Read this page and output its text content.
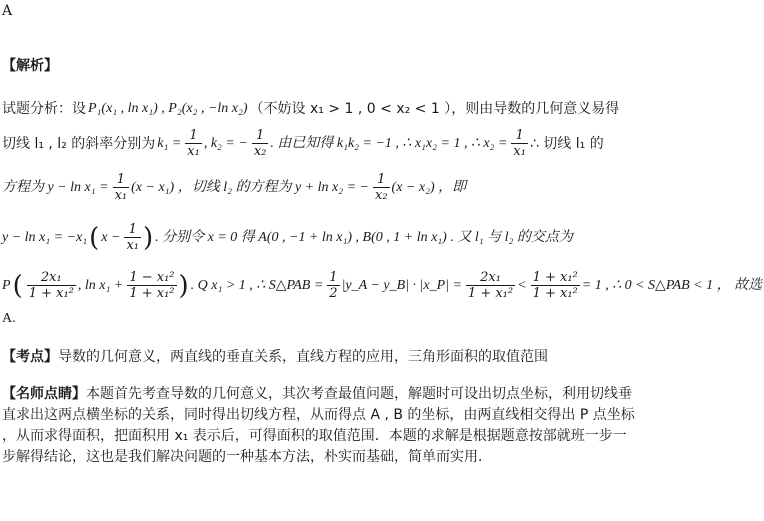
A
【解析】
试题分析：设 P₁(x₁ , ln x₁) , P₂(x₂ , −ln x₂) （不妨设 x₁ > 1 , 0 < x₂ < 1 ），则由导数的几何意义易得
切线 l₁ , l₂ 的斜率分别为 $k_1 = \frac{1}{\text{x₁}}$ , k₂ = − $\frac{1}{\text{x₂}}$ . 由已知得 k₁k₂ = −1 , ∴ x₁x₂ = 1 , ∴ $x_2 = \frac{1}{\text{x₁}}$ ∴ 切线 l₁ 的
方程为 $y - \ln x_1 = \frac{1}{\text{x₁}} (x - x_1)$ ，切线 l₂ 的方程为 y + ln x₂ = − $\frac{1}{\text{x₂}} (x - x_2)$ ，即
y − ln x₁ = −x₁ ( $x - \frac{1}{\text{x₁}}$ ) . 分别令 x = 0 得 A(0 , −1 + ln x₁) , B(0 , 1 + ln x₁) . 又 l₁ 与 l₂ 的交点为
P ( $\frac{\text{2x₁}}{\text{1 + x₁²}}$ , $\ln x_1 + \frac{\text{1 − x₁²}}{\text{1 + x₁²}}$ ) . Q x₁ > 1 , ∴ S△PAB = $\frac{1}{2}$ |y_A − y_B| · |x_P| = $\frac{\text{2x₁}}{\text{1 + x₁²}} < \frac{\text{1 + x₁²}}{\text{1 + x₁²}} = 1$ , ∴ 0 < S△PAB < 1 ， 故选
A.
【考点】导数的几何意义，两直线的垂直关系，直线方程的应用，三角形面积的取值范围
【名师点睛】本题首先考查导数的几何意义，其次考查最值问题，解题时可设出切点坐标，利用切线垂
直求出这两点横坐标的关系，同时得出切线方程，从而得点 A , B 的坐标，由两直线相交得出 P 点坐标
，从而求得面积，把面积用 x₁ 表示后，可得面积的取值范围．本题的求解是根据题意按部就班一步一
步解得结论，这也是我们解决问题的一种基本方法，朴实而基础，简单而实用．
